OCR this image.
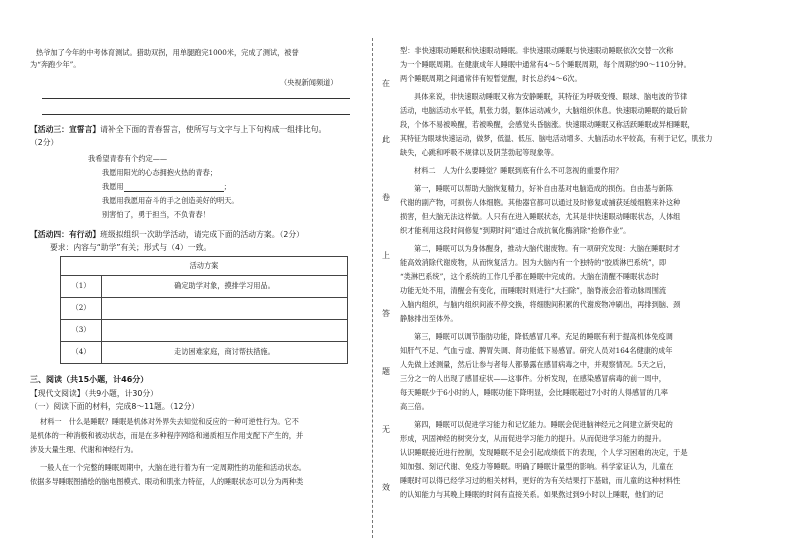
热爷加了今年的中考体育测试。猎助双拐，用单腿跑完1000米，完成了测试，被誉

为“奔跑少年”。

（央视新闻频道）

【活动三：宣誓言】请补全下面的青春誓言，使所写与文字与上下句构成一组排比句。

（2分）

我希望青春有个约定——

我愿用阳光的心态拥抱火热的青春；

我愿用	；

我愿用我愿用奋斗的手之创造美好的明天。

别害怕了，勇于担当，不负青春！

【活动四：有行动】班级拟组织一次助学活动，请完成下面的活动方案。（2分）

要求：内容与“助学”有关；形式与（4）一致。

活动方案	
（1）	确定助学对象，摸排学习用品。
（2）	
（3）	
（4）	走访困难家庭，商讨帮扶措施。

三、阅读（共15小题，计46分）

【现代文阅读】（共9小题，计30分）

（一）阅读下面的材料，完成8～11题。（12分）

材料一　什么是睡眠？睡眠是机体对外界失去知觉和反应的一种可逆性行为。它不

是机体的一种消极和被动状态，而是在多种程序网络和递质相互作用支配下产生的，并

涉及大量生理、代谢和神经行为。

一般人在一个完整的睡眠周期中，大脑在进行着为有一定周期性的功能和活动状态。

依据多导睡眠图描绘的脑电图模式、眼动和肌张力特征，人的睡眠状态可以分为两种类

在
此
卷
上
答
题
无
效

型：非快速眼动睡眠和快速眼动睡眠。非快速眼动睡眠与快速眼动睡眠依次交替一次称

为一个睡眠周期。在健康成年人睡眠中通常有4～5个睡眠周期，每个周期约90～110分钟。

两个睡眠周期之间通常伴有短暂觉醒，时长总约4～6次。

具体来说，非快速眼动睡眠又称为安静睡眠，其特征为呼吸变慢、眼球、脑电波的节律

活动，电脑活动水平低，肌张力弱，躯体运动减少，大脑组织休息。快速眼动睡眠的最后阶

段，个体不易被唤醒，若被唤醒，会感觉头昏脑涨。快速眼动睡眠又称活跃睡眠或异相睡眠，

其特征为眼球快速运动，做梦，低温、低压、脑电活动增多、大脑活动水平较高，有利于记忆，肌张力

缺失，心跳和呼吸不规律以及阴茎勃起等现象等。

材料二　人为什么要睡觉？睡眠到底有什么不可忽视的重要作用？

第一，睡眠可以帮助大脑恢复精力，好补自由基对电脑造成的损伤。自由基与新陈

代谢的副产物，可损伤人体细胞。其他器官都可以通过及时修复或捕获延缓细胞来补这种

损害，但大脑无法这样做。人只有在进入睡眠状态，尤其是非快速眼动睡眠状态，人体组

织才能利用这段时间修复“到期时间”通过合成抗氧化酶消除“抢修作业”。

第二，睡眠可以为身体醒身，推动大脑代谢废物。有一项研究发现：大脑在睡眠时才

能高效消除代谢废物，从而恢复活力。因为大脑内有一个独特的“胶质淋巴系统”，即

“类淋巴系统”，这个系统的工作几乎都在睡眠中完成的。大脑在清醒不睡眠状态时

功能无处不用，清醒会有变化，而睡眠时则进行“大扫除”，脑脊液会沿着动脉周围流

入脑内组织，与脑内组织间液不停交换，将细胞间积累的代谢废物冲刷出，再排到脑、颈

静脉排出至体外。

第三，睡眠可以调节脂肪功能，降低感冒几率。充足的睡眠有利于提高机体免疫调

知肝气不足、气血亏虚、脾胃失调、肾功能低下易感冒。研究人员对164名健康的成年

人先做上述测量，然后让参与者每人都暴露在感冒病毒之中，并观察情况。5天之后，

三分之一的人出现了感冒症状——这事件。分析发现，在感染感冒病毒的前一周中，

每天睡眠少于6小时的人，睡眠功能下降明显，会比睡眠超过7小时的人得感冒的几率

高三倍。

第四，睡眠可以促进学习能力和记忆能力。睡眠会促进脑神经元之间建立新突起的

形成，巩固神经的树突分支，从而促进学习能力的提升。从而促进学习能力的提升。

认识睡眠接近进行控制，发现睡眠不足会引起成绩低下的表现，个人学习困难的决定，于是

知加强、刻记代谢、免疫力等睡眠。明确了睡眠计量型的影响。科学家证认为，儿童在

睡眠时可以得已经学习过的相关材料，更好的为有关结果打下基础，而儿童的这种材料性

的认知能力与其晚上睡眠的时间有直接关系。如果熬过到9小时以上睡眠，他们的记
